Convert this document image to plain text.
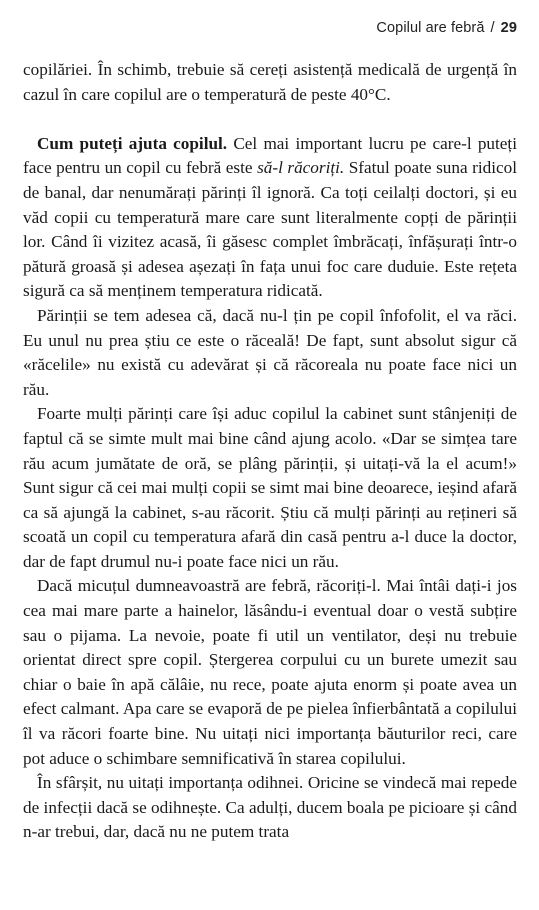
Copilul are febră / 29

copilăriei. În schimb, trebuie să cereți asistență medicală de urgență în cazul în care copilul are o temperatură de peste 40°C.

Cum puteți ajuta copilul. Cel mai important lucru pe care-l puteți face pentru un copil cu febră este să-l răcoriți. Sfatul poate suna ridicol de banal, dar nenumărați părinți îl ignoră. Ca toți ceilalți doctori, și eu văd copii cu temperatură mare care sunt literalmente copți de părinții lor. Când îi vizitez acasă, îi găsesc complet îmbrăcați, înfășurați într-o pătură groasă și adesea așezați în fața unui foc care duduie. Este rețeta sigură ca să menținem temperatura ridicată.

Părinții se tem adesea că, dacă nu-l țin pe copil înfofolit, el va răci. Eu unul nu prea știu ce este o răceală! De fapt, sunt absolut sigur că «răcelile» nu există cu adevărat și că răcoreala nu poate face nici un rău.

Foarte mulți părinți care își aduc copilul la cabinet sunt stânjeniți de faptul că se simte mult mai bine când ajung acolo. «Dar se simțea tare rău acum jumătate de oră, se plâng părinții, și uitați-vă la el acum!» Sunt sigur că cei mai mulți copii se simt mai bine deoarece, ieșind afară ca să ajungă la cabinet, s-au răcorit. Știu că mulți părinți au rețineri să scoată un copil cu temperatura afară din casă pentru a-l duce la doctor, dar de fapt drumul nu-i poate face nici un rău.

Dacă micuțul dumneavoastră are febră, răcoriți-l. Mai întâi dați-i jos cea mai mare parte a hainelor, lăsându-i eventual doar o vestă subțire sau o pijama. La nevoie, poate fi util un ventilator, deși nu trebuie orientat direct spre copil. Ștergerea corpului cu un burete umezit sau chiar o baie în apă călâie, nu rece, poate ajuta enorm și poate avea un efect calmant. Apa care se evaporă de pe pielea înfierbântată a copilului îl va răcori foarte bine. Nu uitați nici importanța băuturilor reci, care pot aduce o schimbare semnificativă în starea copilului.

În sfârșit, nu uitați importanța odihnei. Oricine se vindecă mai repede de infecții dacă se odihnește. Ca adulți, ducem boala pe picioare și când n-ar trebui, dar, dacă nu ne putem trata
